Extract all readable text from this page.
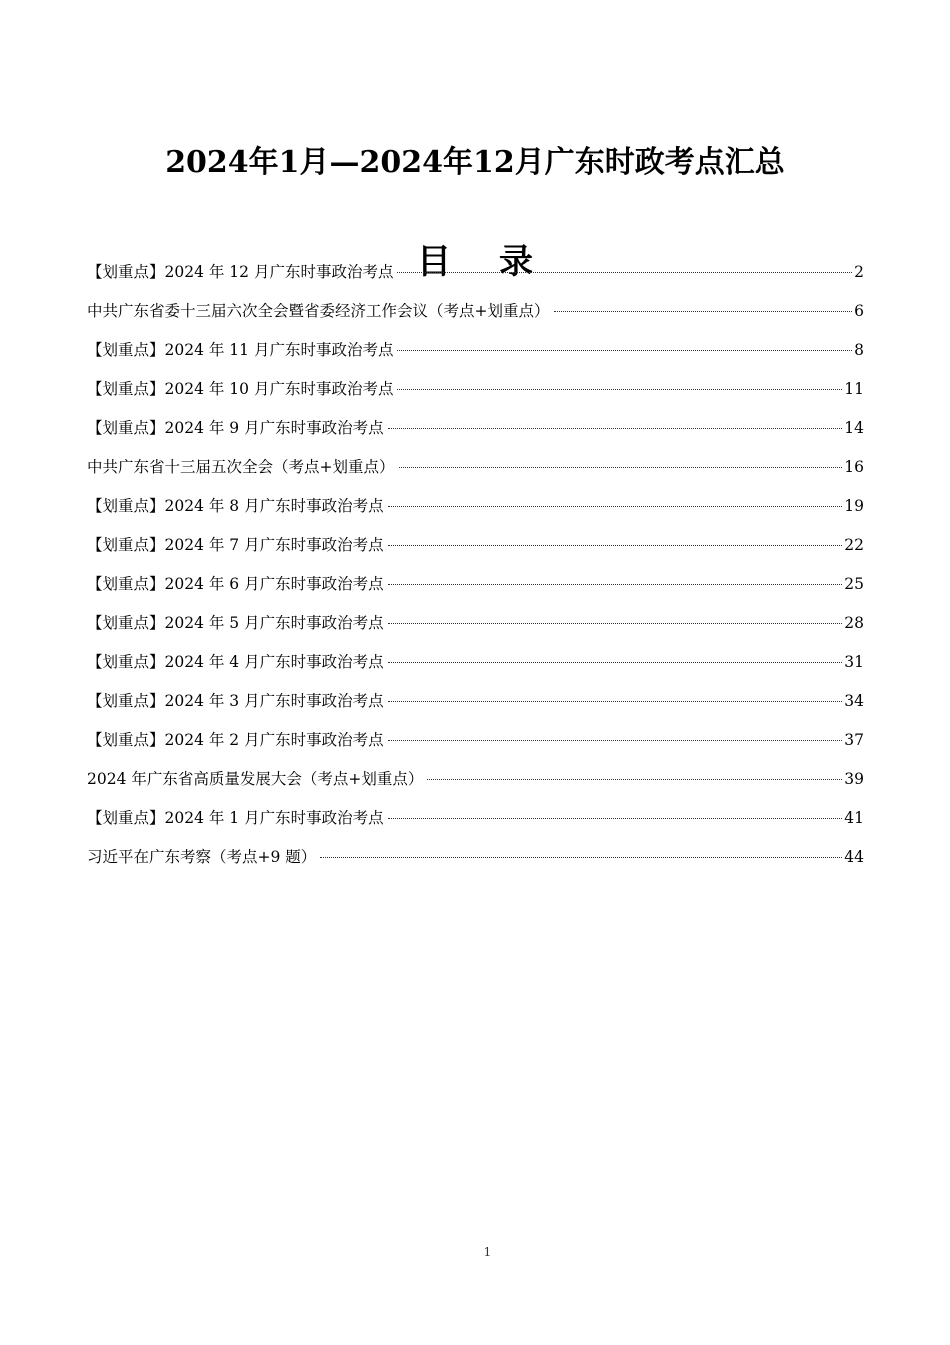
2024年1月—2024年12月广东时政考点汇总
目录
【划重点】2024 年 12 月广东时事政治考点	2
中共广东省委十三届六次全会暨省委经济工作会议（考点+划重点）	6
【划重点】2024 年 11 月广东时事政治考点	8
【划重点】2024 年 10 月广东时事政治考点	11
【划重点】2024 年 9 月广东时事政治考点	14
中共广东省十三届五次全会（考点+划重点）	16
【划重点】2024 年 8 月广东时事政治考点	19
【划重点】2024 年 7 月广东时事政治考点	22
【划重点】2024 年 6 月广东时事政治考点	25
【划重点】2024 年 5 月广东时事政治考点	28
【划重点】2024 年 4 月广东时事政治考点	31
【划重点】2024 年 3 月广东时事政治考点	34
【划重点】2024 年 2 月广东时事政治考点	37
2024 年广东省高质量发展大会（考点+划重点）	39
【划重点】2024 年 1 月广东时事政治考点	41
习近平在广东考察（考点+9 题）	44
1
